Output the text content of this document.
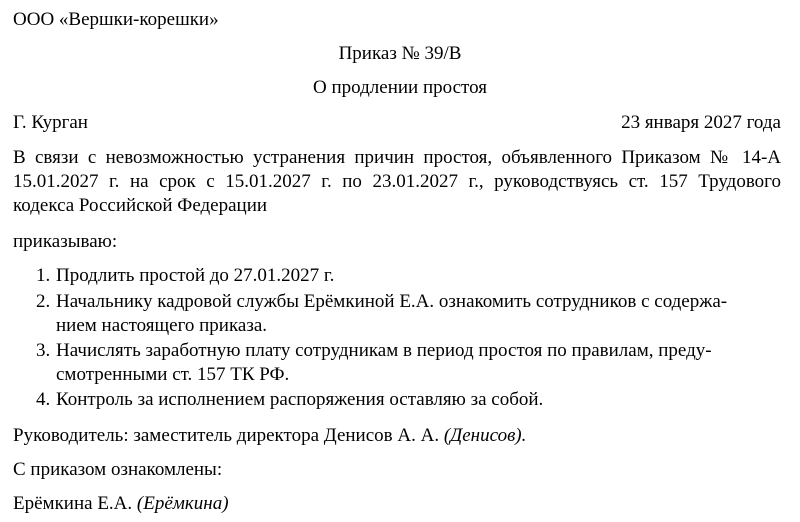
ООО «Вершки-корешки»
Приказ № 39/В
О продлении простоя
Г. Курган	23 января 2027 года
В связи с невозможностью устранения причин простоя, объявленного Приказом № 14-А
15.01.2027 г. на срок с 15.01.2027 г. по 23.01.2027 г., руководствуясь ст. 157 Трудового
кодекса Российской Федерации
приказываю:
1. Продлить простой до 27.01.2027 г.
2. Начальнику кадровой службы Ерёмкиной Е.А. ознакомить сотрудников с содержа-
нием настоящего приказа.
3. Начислять заработную плату сотрудникам в период простоя по правилам, преду-
смотренными ст. 157 ТК РФ.
4. Контроль за исполнением распоряжения оставляю за собой.
Руководитель: заместитель директора Денисов А. А. (Денисов).
С приказом ознакомлены:
Ерёмкина Е.А. (Ерёмкина)
